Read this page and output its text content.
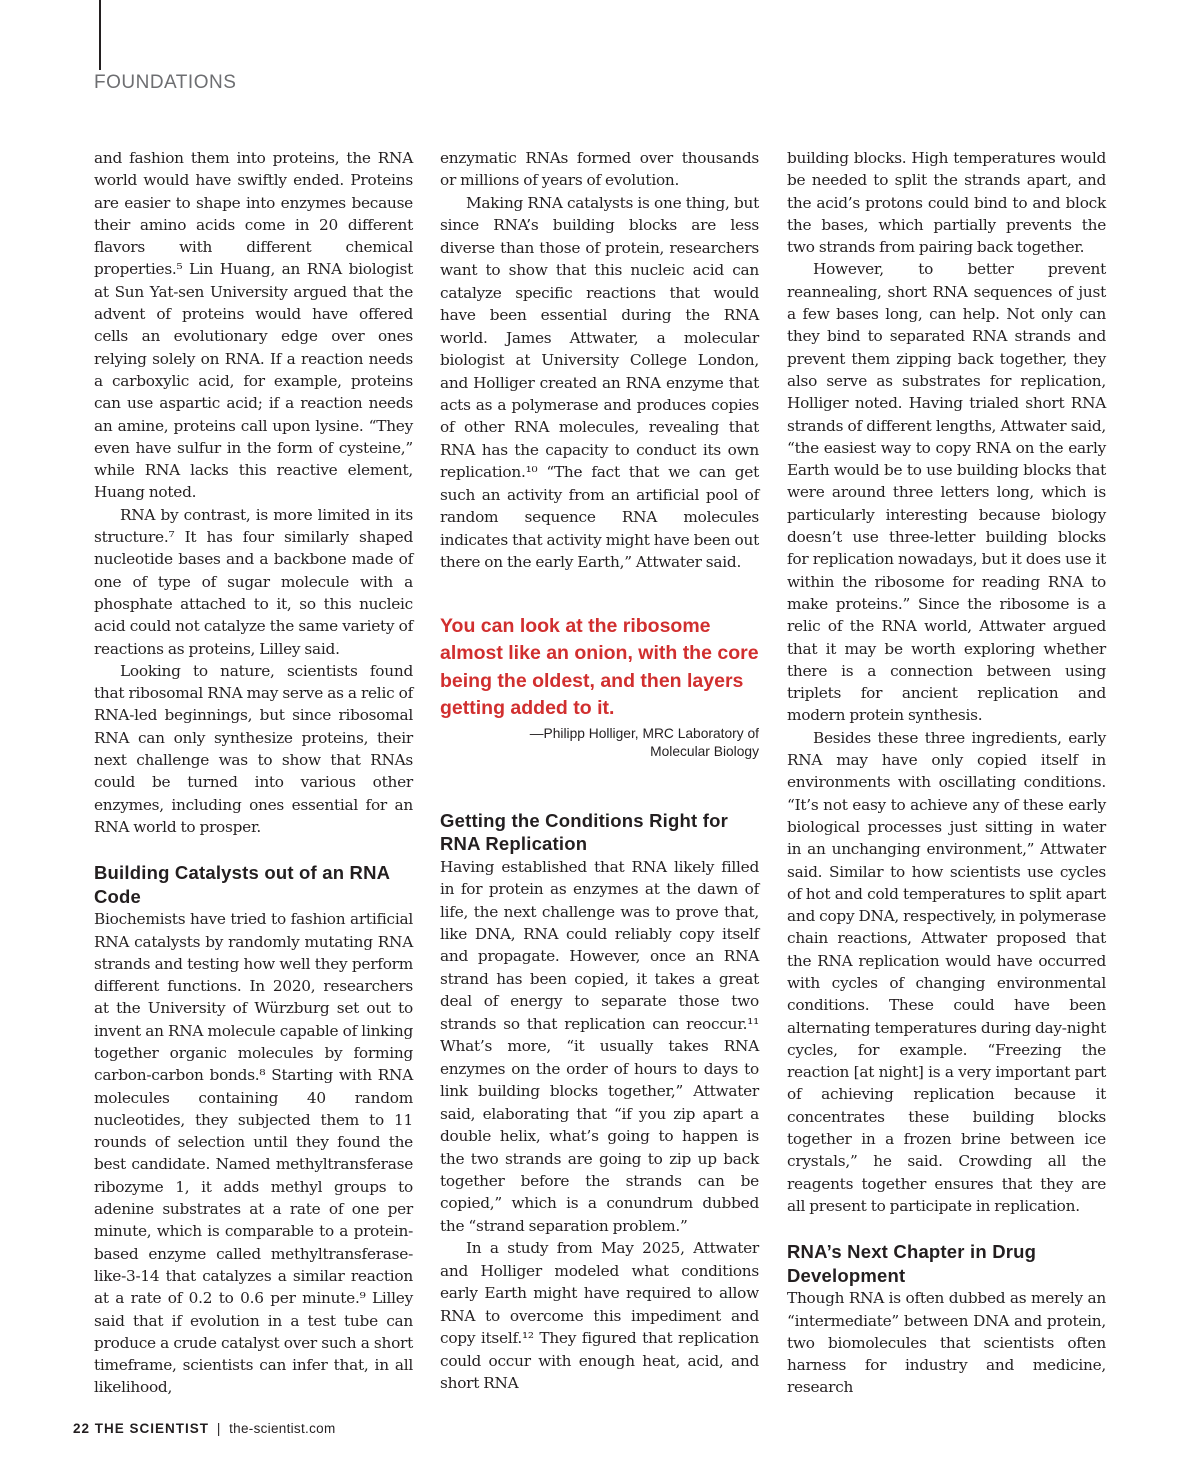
FOUNDATIONS

and fashion them into proteins, the RNA world would have swiftly ended. Proteins are easier to shape into enzymes because their amino acids come in 20 different flavors with different chemical properties.⁵ Lin Huang, an RNA biologist at Sun Yat-sen University argued that the advent of proteins would have offered cells an evolutionary edge over ones relying solely on RNA. If a reaction needs a carboxylic acid, for example, proteins can use aspartic acid; if a reaction needs an amine, proteins call upon lysine. “They even have sulfur in the form of cysteine,” while RNA lacks this reactive element, Huang noted.

RNA by contrast, is more limited in its structure.⁷ It has four similarly shaped nucleotide bases and a backbone made of one of type of sugar molecule with a phosphate attached to it, so this nucleic acid could not catalyze the same variety of reactions as proteins, Lilley said.

Looking to nature, scientists found that ribosomal RNA may serve as a relic of RNA-led beginnings, but since ribosomal RNA can only synthesize proteins, their next challenge was to show that RNAs could be turned into various other enzymes, including ones essential for an RNA world to prosper.

Building Catalysts out of an RNA Code

Biochemists have tried to fashion artificial RNA catalysts by randomly mutating RNA strands and testing how well they perform different functions. In 2020, researchers at the University of Würzburg set out to invent an RNA molecule capable of linking together organic molecules by forming carbon-carbon bonds.⁸ Starting with RNA molecules containing 40 random nucleotides, they subjected them to 11 rounds of selection until they found the best candidate. Named methyltransferase ribozyme 1, it adds methyl groups to adenine substrates at a rate of one per minute, which is comparable to a protein-based enzyme called methyltransferase-like-3-14 that catalyzes a similar reaction at a rate of 0.2 to 0.6 per minute.⁹ Lilley said that if evolution in a test tube can produce a crude catalyst over such a short timeframe, scientists can infer that, in all likelihood,

enzymatic RNAs formed over thousands or millions of years of evolution.

Making RNA catalysts is one thing, but since RNA’s building blocks are less diverse than those of protein, researchers want to show that this nucleic acid can catalyze specific reactions that would have been essential during the RNA world. James Attwater, a molecular biologist at University College London, and Holliger created an RNA enzyme that acts as a polymerase and produces copies of other RNA molecules, revealing that RNA has the capacity to conduct its own replication.¹⁰ “The fact that we can get such an activity from an artificial pool of random sequence RNA molecules indicates that activity might have been out there on the early Earth,” Attwater said.

You can look at the ribosome almost like an onion, with the core being the oldest, and then layers getting added to it.
—Philipp Holliger, MRC Laboratory of
Molecular Biology
Getting the Conditions Right for RNA Replication

Having established that RNA likely filled in for protein as enzymes at the dawn of life, the next challenge was to prove that, like DNA, RNA could reliably copy itself and propagate. However, once an RNA strand has been copied, it takes a great deal of energy to separate those two strands so that replication can reoccur.¹¹ What’s more, “it usually takes RNA enzymes on the order of hours to days to link building blocks together,” Attwater said, elaborating that “if you zip apart a double helix, what’s going to happen is the two strands are going to zip up back together before the strands can be copied,” which is a conundrum dubbed the “strand separation problem.”

In a study from May 2025, Attwater and Holliger modeled what conditions early Earth might have required to allow RNA to overcome this impediment and copy itself.¹² They figured that replication could occur with enough heat, acid, and short RNA

building blocks. High temperatures would be needed to split the strands apart, and the acid’s protons could bind to and block the bases, which partially prevents the two strands from pairing back together.

However, to better prevent reannealing, short RNA sequences of just a few bases long, can help. Not only can they bind to separated RNA strands and prevent them zipping back together, they also serve as substrates for replication, Holliger noted. Having trialed short RNA strands of different lengths, Attwater said, “the easiest way to copy RNA on the early Earth would be to use building blocks that were around three letters long, which is particularly interesting because biology doesn’t use three-letter building blocks for replication nowadays, but it does use it within the ribosome for reading RNA to make proteins.” Since the ribosome is a relic of the RNA world, Attwater argued that it may be worth exploring whether there is a connection between using triplets for ancient replication and modern protein synthesis.

Besides these three ingredients, early RNA may have only copied itself in environments with oscillating conditions. “It’s not easy to achieve any of these early biological processes just sitting in water in an unchanging environment,” Attwater said. Similar to how scientists use cycles of hot and cold temperatures to split apart and copy DNA, respectively, in polymerase chain reactions, Attwater proposed that the RNA replication would have occurred with cycles of changing environmental conditions. These could have been alternating temperatures during day-night cycles, for example. “Freezing the reaction [at night] is a very important part of achieving replication because it concentrates these building blocks together in a frozen brine between ice crystals,” he said. Crowding all the reagents together ensures that they are all present to participate in replication.

RNA’s Next Chapter in Drug Development

Though RNA is often dubbed as merely an “intermediate” between DNA and protein, two biomolecules that scientists often harness for industry and medicine, research

22 THE SCIENTIST | the-scientist.com
